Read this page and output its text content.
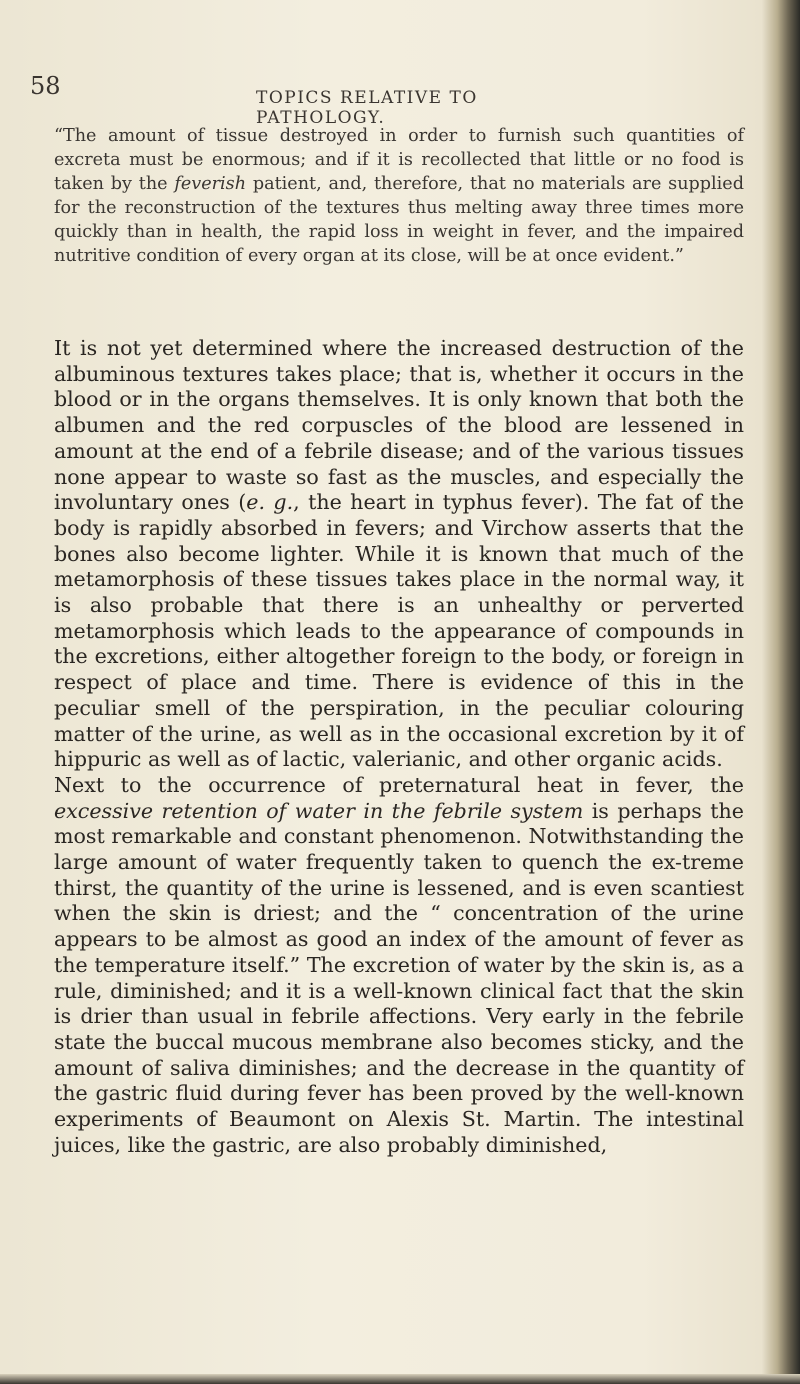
58	TOPICS RELATIVE TO PATHOLOGY.

“The amount of tissue destroyed in order to furnish such quantities of excreta must be enormous; and if it is recollected that little or no food is taken by the feverish patient, and, therefore, that no materials are supplied for the reconstruction of the textures thus melting away three times more quickly than in health, the rapid loss in weight in fever, and the impaired nutritive condition of every organ at its close, will be at once evident.”

It is not yet determined where the increased destruction of the albuminous textures takes place; that is, whether it occurs in the blood or in the organs themselves. It is only known that both the albumen and the red corpuscles of the blood are lessened in amount at the end of a febrile disease; and of the various tissues none appear to waste so fast as the muscles, and especially the involuntary ones (e. g., the heart in typhus fever). The fat of the body is rapidly absorbed in fevers; and Virchow asserts that the bones also become lighter. While it is known that much of the metamorphosis of these tissues takes place in the normal way, it is also probable that there is an unhealthy or perverted metamorphosis which leads to the appearance of compounds in the excretions, either altogether foreign to the body, or foreign in respect of place and time. There is evidence of this in the peculiar smell of the perspiration, in the peculiar colouring matter of the urine, as well as in the occasional excretion by it of hippuric as well as of lactic, valerianic, and other organic acids.

Next to the occurrence of preternatural heat in fever, the excessive retention of water in the febrile system is perhaps the most remarkable and constant phenomenon. Notwithstanding the large amount of water frequently taken to quench the ex-treme thirst, the quantity of the urine is lessened, and is even scantiest when the skin is driest; and the “ concentration of the urine appears to be almost as good an index of the amount of fever as the temperature itself.” The excretion of water by the skin is, as a rule, diminished; and it is a well-known clinical fact that the skin is drier than usual in febrile affections. Very early in the febrile state the buccal mucous membrane also becomes sticky, and the amount of saliva diminishes; and the decrease in the quantity of the gastric fluid during fever has been proved by the well-known experiments of Beaumont on Alexis St. Martin. The intestinal juices, like the gastric, are also probably diminished,
